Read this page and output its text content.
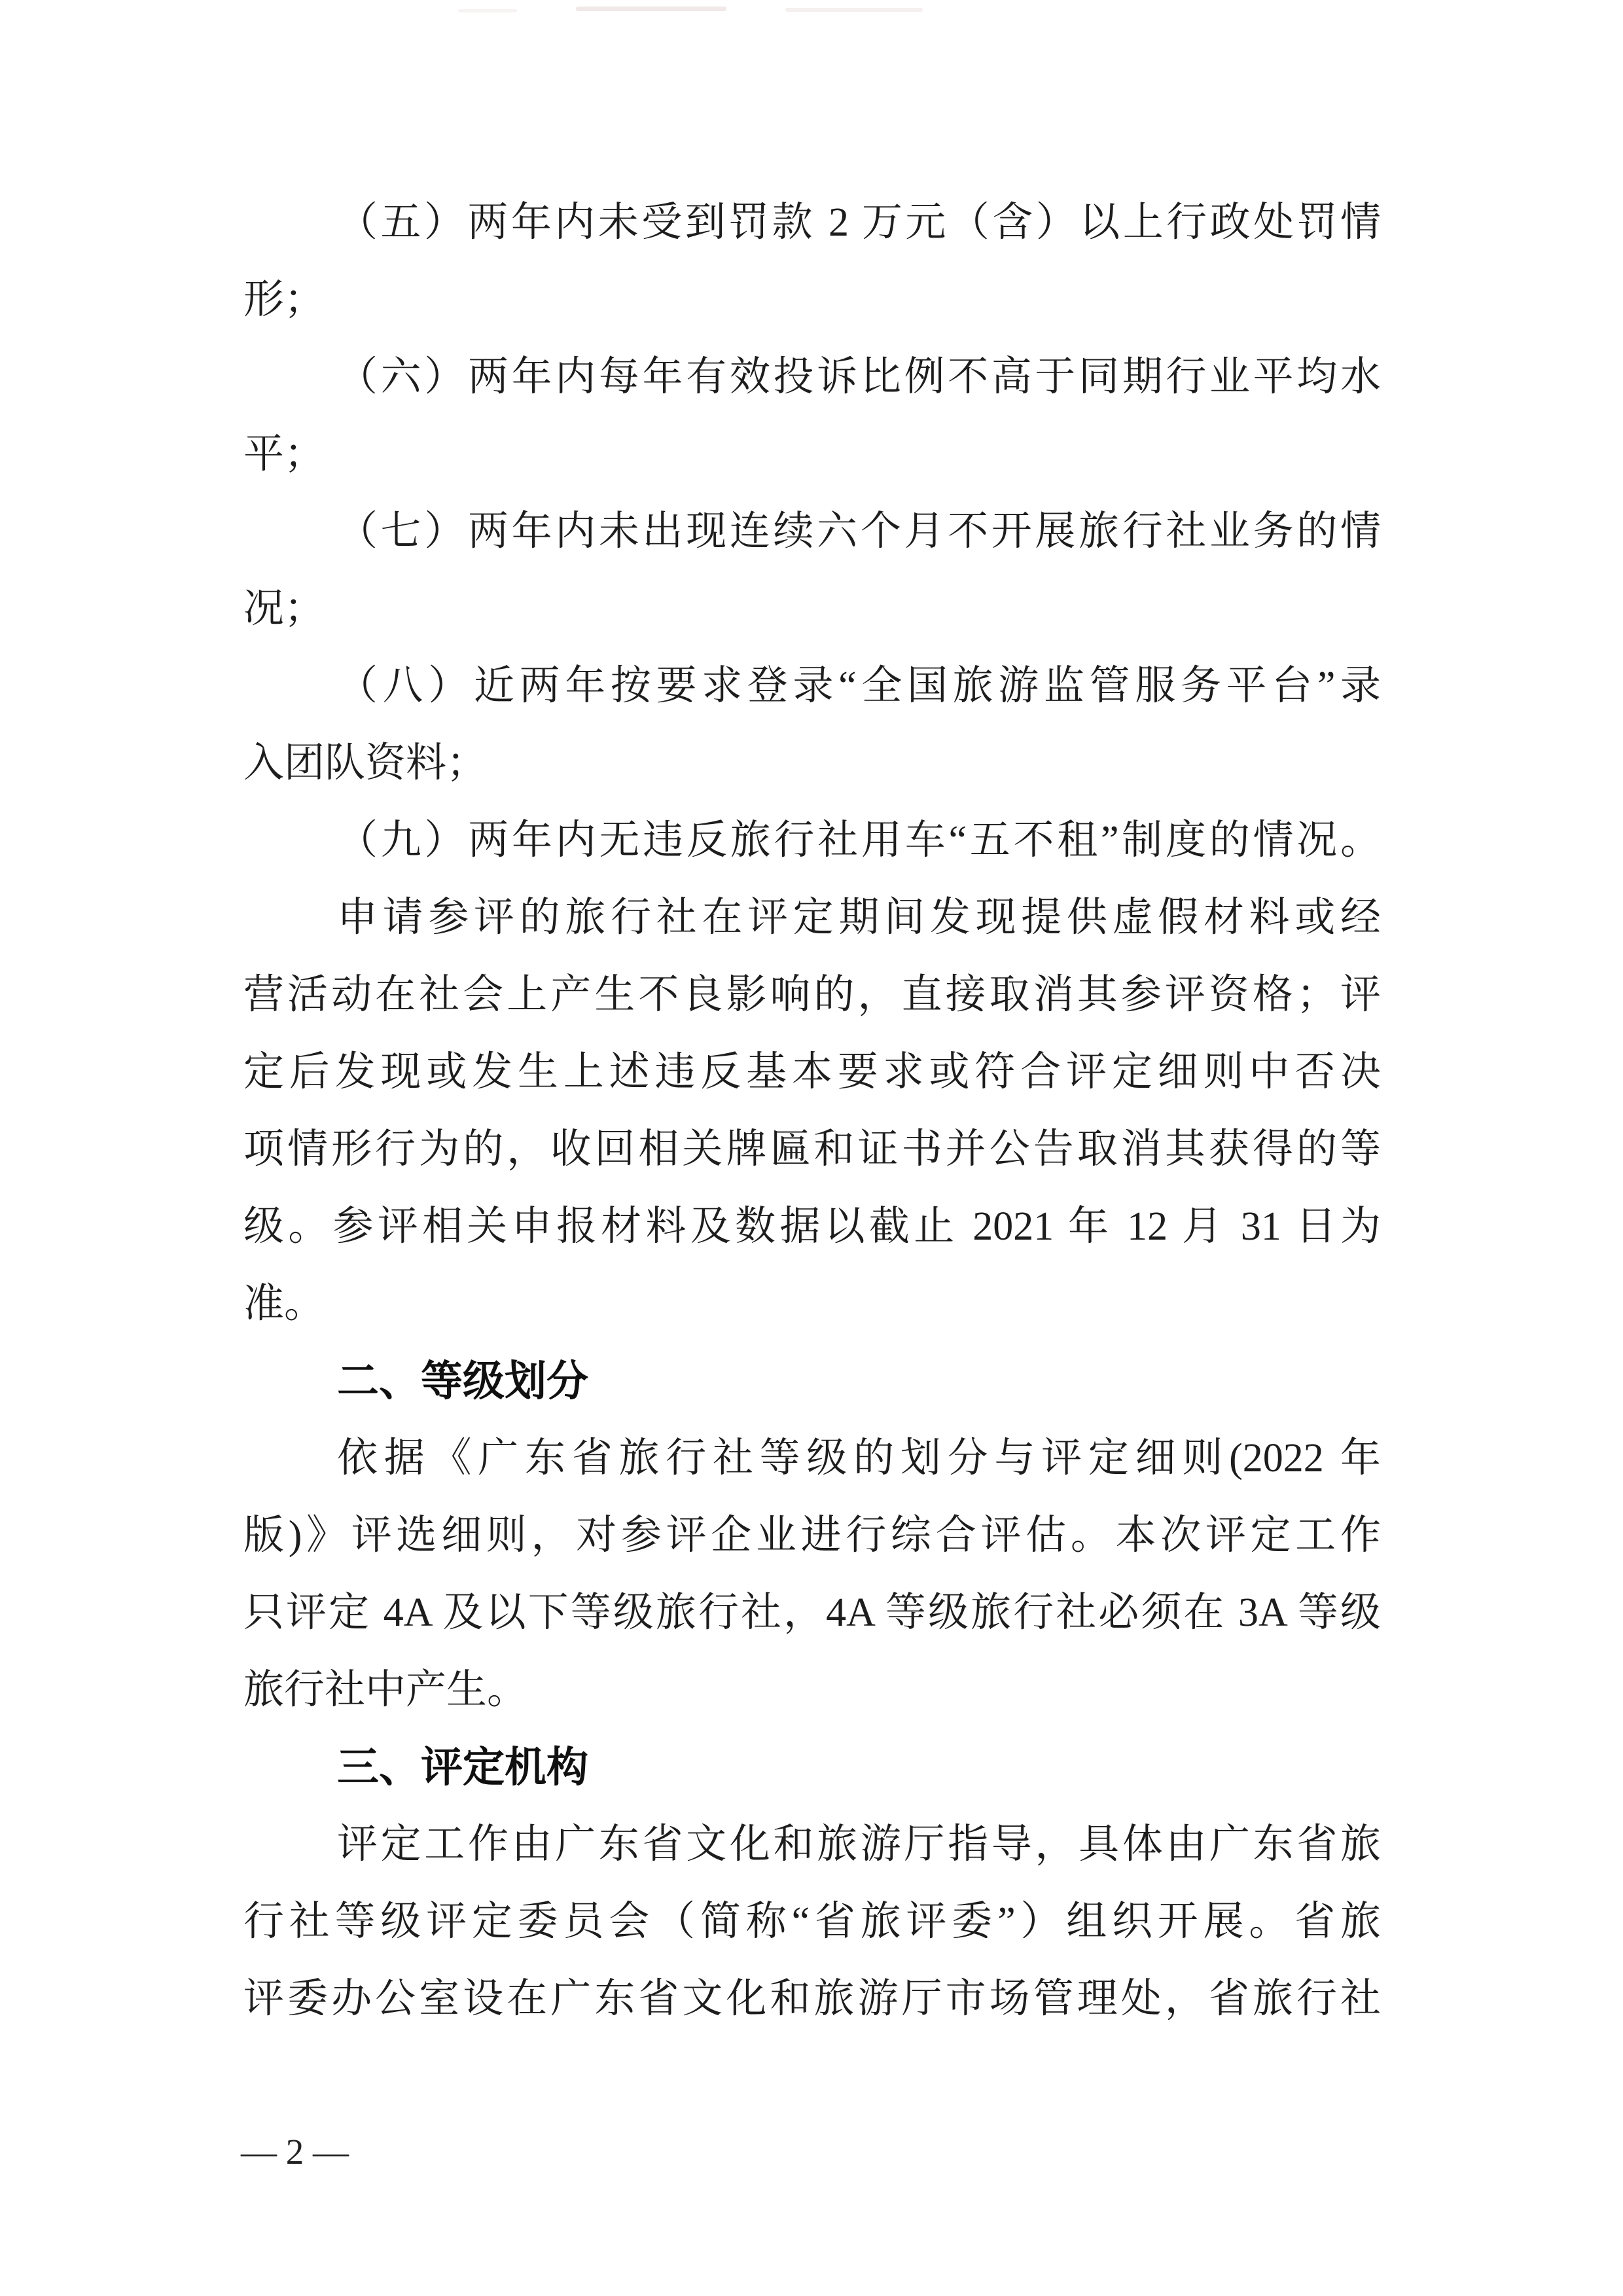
（五）两年内未受到罚款 2 万元（含）以上行政处罚情
形；
（六）两年内每年有效投诉比例不高于同期行业平均水
平；
（七）两年内未出现连续六个月不开展旅行社业务的情
况；
（八）近两年按要求登录“全国旅游监管服务平台”录
入团队资料；
（九）两年内无违反旅行社用车“五不租”制度的情况。
申请参评的旅行社在评定期间发现提供虚假材料或经
营活动在社会上产生不良影响的，直接取消其参评资格；评
定后发现或发生上述违反基本要求或符合评定细则中否决
项情形行为的，收回相关牌匾和证书并公告取消其获得的等
级。参评相关申报材料及数据以截止 2021 年 12 月 31 日为
准。
二、等级划分
依据《广东省旅行社等级的划分与评定细则(2022 年
版)》评选细则，对参评企业进行综合评估。本次评定工作
只评定 4A 及以下等级旅行社，4A 等级旅行社必须在 3A 等级
旅行社中产生。
三、评定机构
评定工作由广东省文化和旅游厅指导，具体由广东省旅
行社等级评定委员会（简称“省旅评委”）组织开展。省旅
评委办公室设在广东省文化和旅游厅市场管理处，省旅行社
— 2 —
